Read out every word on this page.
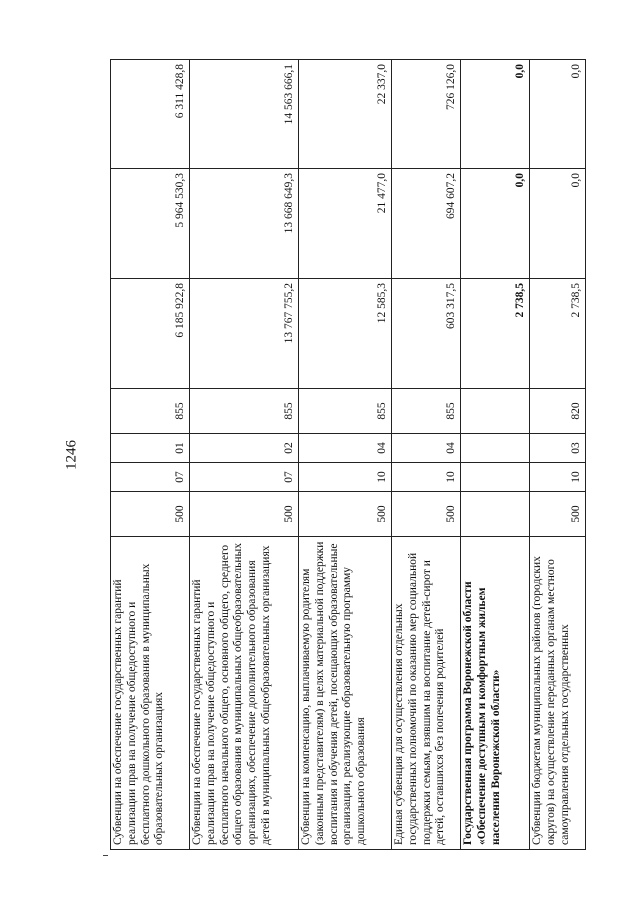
1246
Субвенции на обеспечение государственных гарантий реализации прав на получение общедоступного и бесплатного дошкольного образования в муниципальных образовательных организациях	500	07	01	855	6 185 922,8	5 964 530,3	6 311 428,8
Субвенции на обеспечение государственных гарантий реализации прав на получение общедоступного и бесплатного начального общего, основного общего, среднего общего образования в муниципальных общеобразовательных организациях, обеспечение дополнительного образования детей в муниципальных общеобразовательных организациях	500	07	02	855	13 767 755,2	13 668 649,3	14 563 666,1
Субвенции на компенсацию, выплачиваемую родителям (законным представителям) в целях материальной поддержки воспитания и обучения детей, посещающих образовательные организации, реализующие образовательную программу дошкольного образования	500	10	04	855	12 585,3	21 477,0	22 337,0
Единая субвенция для осуществления отдельных государственных полномочий по оказанию мер социальной поддержки семьям, взявшим на воспитание детей-сирот и детей, оставшихся без попечения родителей	500	10	04	855	603 317,5	694 607,2	726 126,0
Государственная программа Воронежской области «Обеспечение доступным и комфортным жильем населения Воронежской области»					2 738,5	0,0	0,0
Субвенции бюджетам муниципальных районов (городских округов) на осуществление переданных органам местного самоуправления отдельных государственных	500	10	03	820	2 738,5	0,0	0,0
